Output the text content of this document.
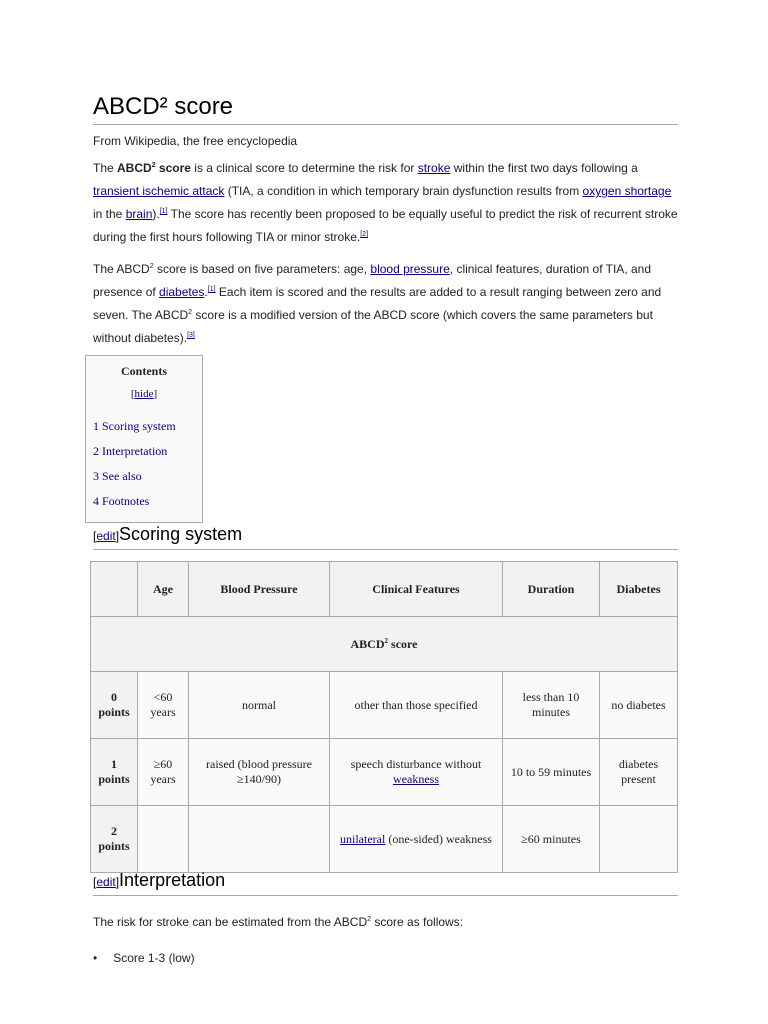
ABCD² score
From Wikipedia, the free encyclopedia

The ABCD$^2$ score is a clinical score to determine the risk for stroke within the first two days following a transient ischemic attack (TIA, a condition in which temporary brain dysfunction results from oxygen shortage in the brain).[1] The score has recently been proposed to be equally useful to predict the risk of recurrent stroke during the first hours following TIA or minor stroke.[2]

The ABCD$^2$ score is based on five parameters: age, blood pressure, clinical features, duration of TIA, and presence of diabetes.[1] Each item is scored and the results are added to a result ranging between zero and seven. The ABCD$^2$ score is a modified version of the ABCD score (which covers the same parameters but without diabetes).[3]

Contents
[hide]
1 Scoring system
2 Interpretation
3 See also
4 Footnotes
[edit]Scoring system
ABCD$^2$ score					
	Age	Blood Pressure	Clinical Features	Duration	Diabetes
0 points	<60 years	normal	other than those specified	less than 10 minutes	no diabetes
1 points	≥60 years	raised (blood pressure ≥140/90)	speech disturbance without weakness	10 to 59 minutes	diabetes present
2 points			unilateral (one-sided) weakness	≥60 minutes	
[edit]Interpretation
The risk for stroke can be estimated from the ABCD$^2$ score as follows:
• Score 1-3 (low)
